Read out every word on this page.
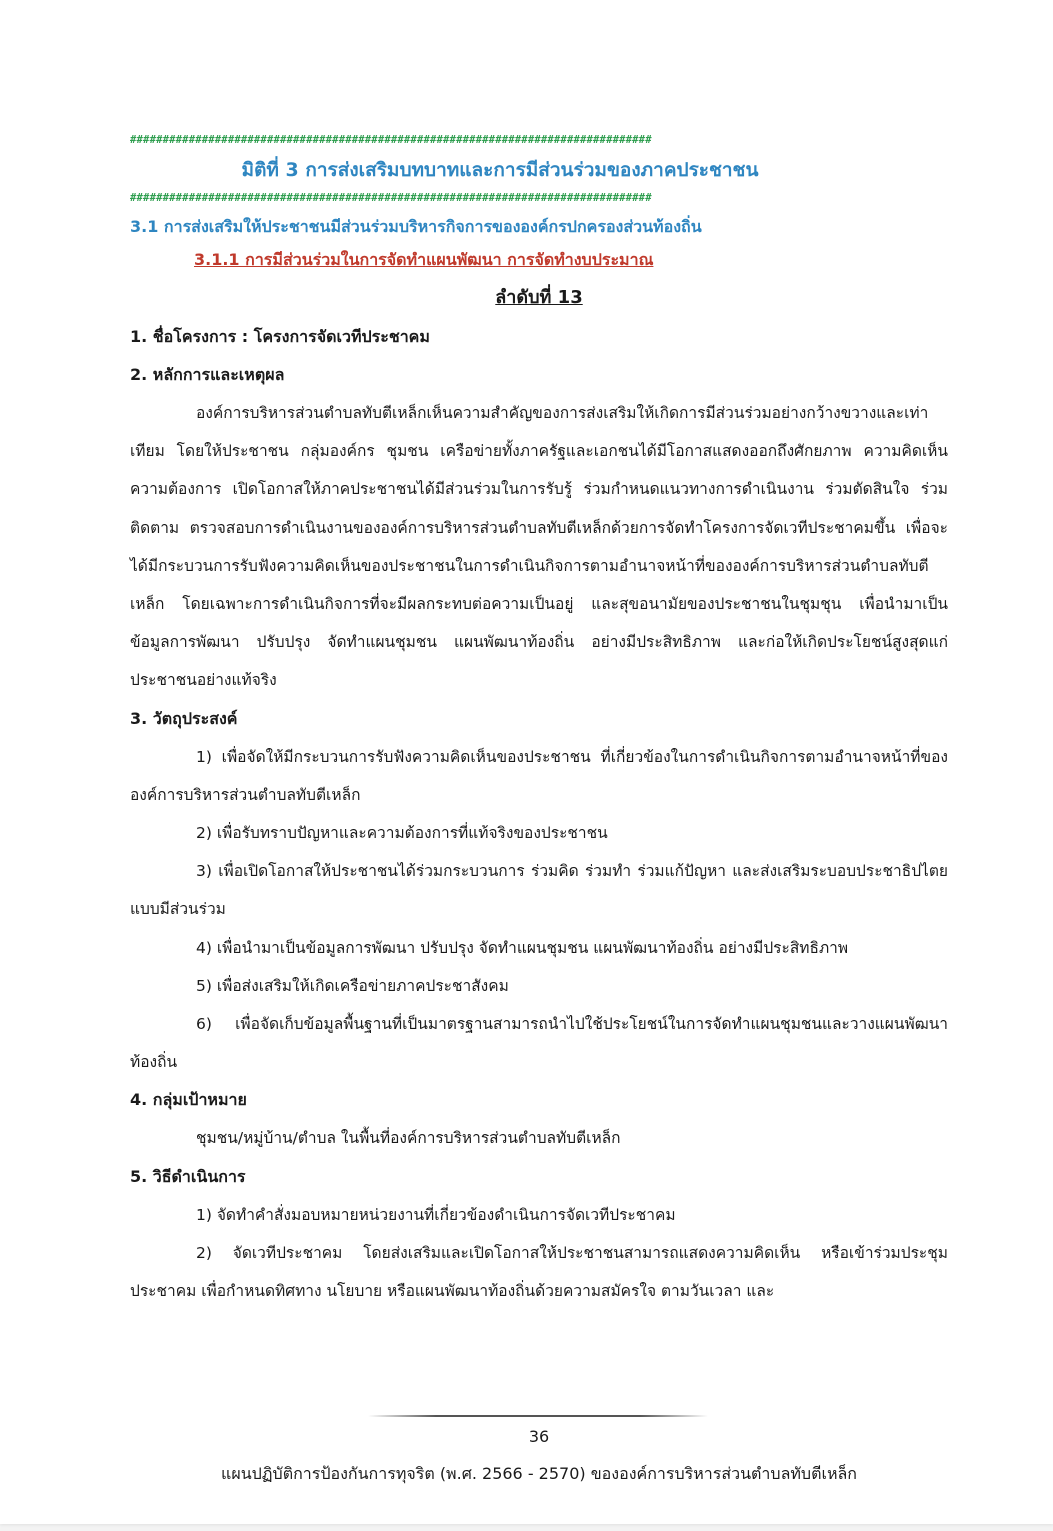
################################################################################
มิติที่ 3 การส่งเสริมบทบาทและการมีส่วนร่วมของภาคประชาชน
################################################################################
3.1 การส่งเสริมให้ประชาชนมีส่วนร่วมบริหารกิจการขององค์กรปกครองส่วนท้องถิ่น
3.1.1 การมีส่วนร่วมในการจัดทำแผนพัฒนา การจัดทำงบประมาณ
ลำดับที่ 13
1. ชื่อโครงการ : โครงการจัดเวทีประชาคม
2. หลักการและเหตุผล

องค์การบริหารส่วนตำบลทับตีเหล็กเห็นความสำคัญของการส่งเสริมให้เกิดการมีส่วนร่วมอย่างกว้างขวางและเท่าเทียม โดยให้ประชาชน กลุ่มองค์กร ชุมชน เครือข่ายทั้งภาครัฐและเอกชนได้มีโอกาสแสดงออกถึงศักยภาพ ความคิดเห็น ความต้องการ เปิดโอกาสให้ภาคประชาชนได้มีส่วนร่วมในการรับรู้ ร่วมกำหนดแนวทางการดำเนินงาน ร่วมตัดสินใจ ร่วมติดตาม ตรวจสอบการดำเนินงานขององค์การบริหารส่วนตำบลทับตีเหล็กด้วยการจัดทำโครงการจัดเวทีประชาคมขึ้น เพื่อจะได้มีกระบวนการรับฟังความคิดเห็นของประชาชนในการดำเนินกิจการตามอำนาจหน้าที่ขององค์การบริหารส่วนตำบลทับตีเหล็ก โดยเฉพาะการดำเนินกิจการที่จะมีผลกระทบต่อความเป็นอยู่ และสุขอนามัยของประชาชนในชุมชุน เพื่อนำมาเป็นข้อมูลการพัฒนา ปรับปรุง จัดทำแผนชุมชน แผนพัฒนาท้องถิ่น อย่างมีประสิทธิภาพ และก่อให้เกิดประโยชน์สูงสุดแก่ประชาชนอย่างแท้จริง

3. วัตถุประสงค์

1) เพื่อจัดให้มีกระบวนการรับฟังความคิดเห็นของประชาชน ที่เกี่ยวข้องในการดำเนินกิจการตามอำนาจหน้าที่ขององค์การบริหารส่วนตำบลทับตีเหล็ก

2) เพื่อรับทราบปัญหาและความต้องการที่แท้จริงของประชาชน

3) เพื่อเปิดโอกาสให้ประชาชนได้ร่วมกระบวนการ ร่วมคิด ร่วมทำ ร่วมแก้ปัญหา และส่งเสริมระบอบประชาธิปไตยแบบมีส่วนร่วม

4) เพื่อนำมาเป็นข้อมูลการพัฒนา ปรับปรุง จัดทำแผนชุมชน แผนพัฒนาท้องถิ่น อย่างมีประสิทธิภาพ
5) เพื่อส่งเสริมให้เกิดเครือข่ายภาคประชาสังคม

6) เพื่อจัดเก็บข้อมูลพื้นฐานที่เป็นมาตรฐานสามารถนำไปใช้ประโยชน์ในการจัดทำแผนชุมชนและวางแผนพัฒนาท้องถิ่น

4. กลุ่มเป้าหมาย
ชุมชน/หมู่บ้าน/ตำบล ในพื้นที่องค์การบริหารส่วนตำบลทับตีเหล็ก
5. วิธีดำเนินการ
1) จัดทำคำสั่งมอบหมายหน่วยงานที่เกี่ยวข้องดำเนินการจัดเวทีประชาคม

2) จัดเวทีประชาคม โดยส่งเสริมและเปิดโอกาสให้ประชาชนสามารถแสดงความคิดเห็น หรือเข้าร่วมประชุมประชาคม เพื่อกำหนดทิศทาง นโยบาย หรือแผนพัฒนาท้องถิ่นด้วยความสมัครใจ ตามวันเวลา และ

36
แผนปฏิบัติการป้องกันการทุจริต (พ.ศ. 2566 - 2570) ขององค์การบริหารส่วนตำบลทับตีเหล็ก
